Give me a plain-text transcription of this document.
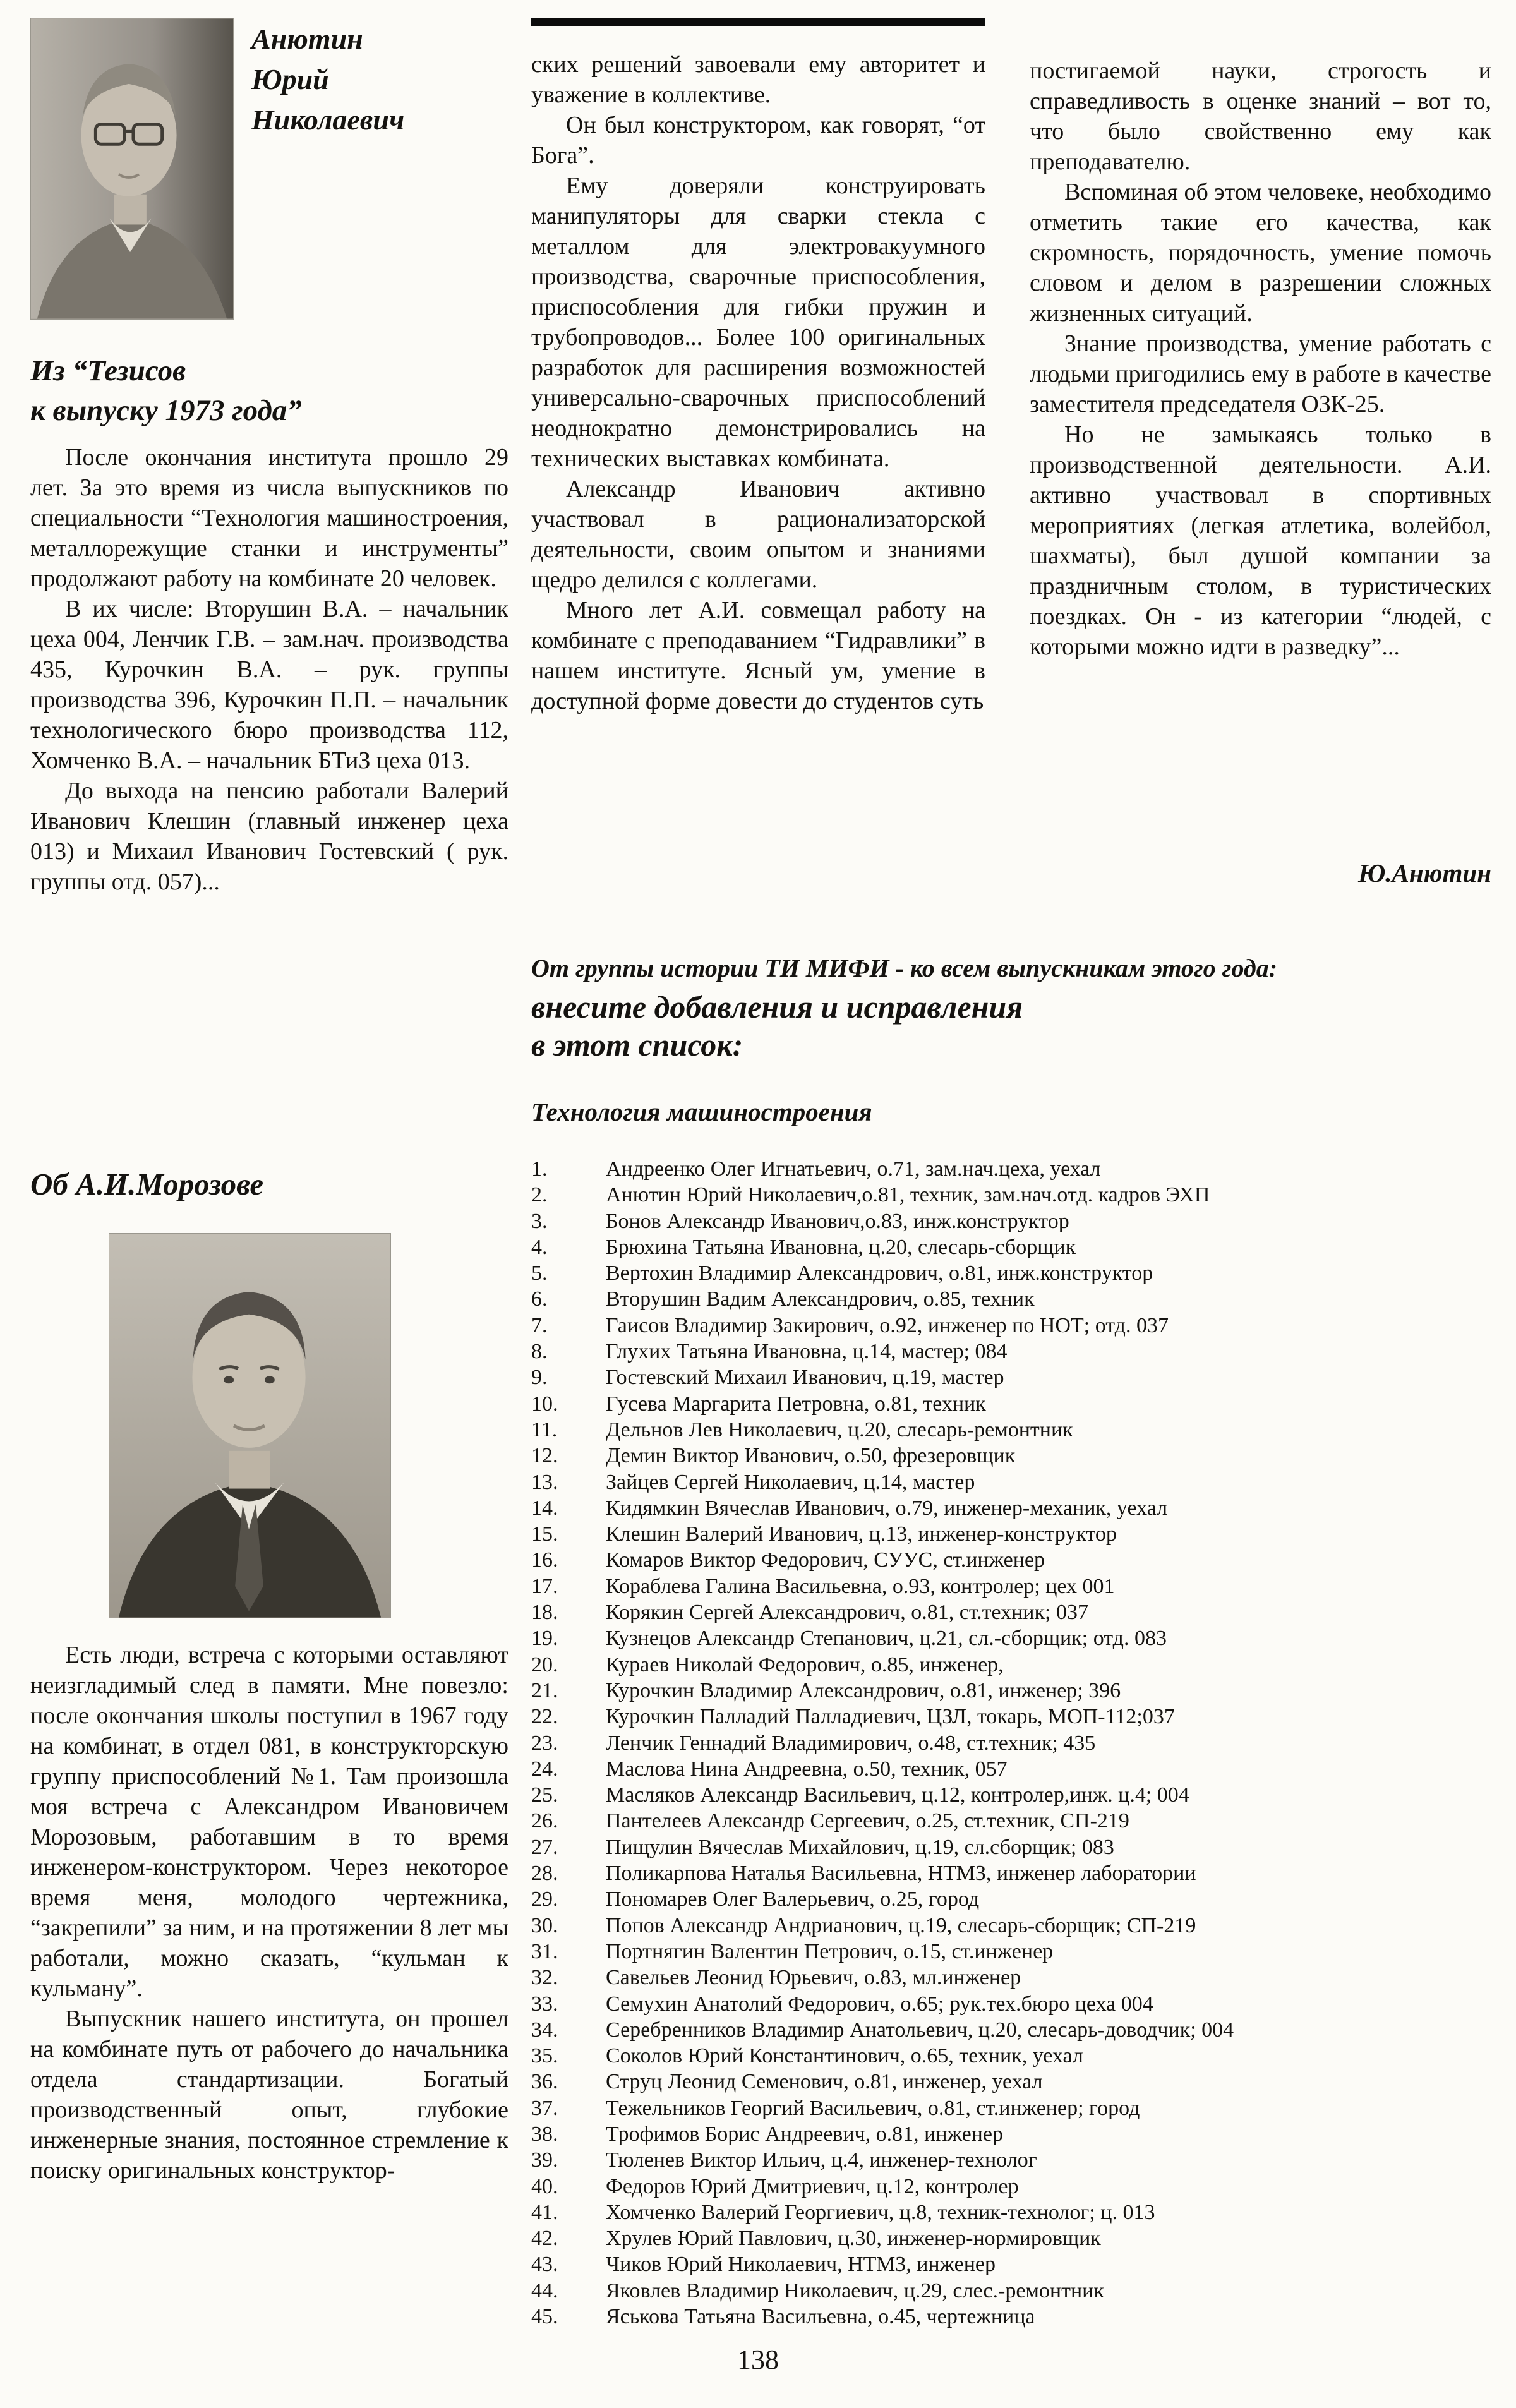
Анютин
Юрий
Николаевич
Из “Тезисов
к выпуску 1973 года”

После окончания института прошло 29 лет. За это время из числа выпускников по специальности “Технология машиностроения, металлорежущие станки и инструменты” продолжают работу на комбинате 20 человек.

В их числе: Вторушин В.А. – начальник цеха 004, Ленчик Г.В. – зам.нач. производства 435, Курочкин В.А. – рук. группы производства 396, Курочкин П.П. – начальник технологического бюро производства 112, Хомченко В.А. – начальник БТиЗ цеха 013.

До выхода на пенсию работали Валерий Иванович Клешин (главный инженер цеха 013) и Михаил Иванович Гостевский ( рук. группы отд. 057)...

Об А.И.Морозове

Есть люди, встреча с которыми оставляют неизгладимый след в памяти. Мне повезло: после окончания школы поступил в 1967 году на комбинат, в отдел 081, в конструкторскую группу приспособлений №1. Там произошла моя встреча с Александром Ивановичем Морозовым, работавшим в то время инженером-конструктором. Через некоторое время меня, молодого чертежника, “закрепили” за ним, и на протяжении 8 лет мы работали, можно сказать, “кульман к кульману”.

Выпускник нашего института, он прошел на комбинате путь от рабочего до начальника отдела стандартизации. Богатый производственный опыт, глубокие инженерные знания, постоянное стремление к поиску оригинальных конструктор-

ских решений завоевали ему авторитет и уважение в коллективе.

Он был конструктором, как говорят, “от Бога”.

Ему доверяли конструировать манипуляторы для сварки стекла с металлом для электровакуумного производства, сварочные приспособления, приспособления для гибки пружин и трубопроводов... Более 100 оригинальных разработок для расширения возможностей универсально-сварочных приспособлений неоднократно демонстрировались на технических выставках комбината.

Александр Иванович активно участвовал в рационализаторской деятельности, своим опытом и знаниями щедро делился с коллегами.

Много лет А.И. совмещал работу на комбинате с преподаванием “Гидравлики” в нашем институте. Ясный ум, умение в доступной форме довести до студентов суть

постигаемой науки, строгость и справедливость в оценке знаний – вот то, что было свойственно ему как преподавателю.

Вспоминая об этом человеке, необходимо отметить такие его качества, как скромность, порядочность, умение помочь словом и делом в разрешении сложных жизненных ситуаций.

Знание производства, умение работать с людьми пригодились ему в работе в качестве заместителя председателя ОЗК-25.

Но не замыкаясь только в производственной деятельности. А.И. активно участвовал в спортивных мероприятиях (легкая атлетика, волейбол, шахматы), был душой компании за праздничным столом, в туристических поездках. Он - из категории “людей, с которыми можно идти в разведку”...

Ю.Анютин
От группы истории ТИ МИФИ - ко всем выпускникам этого года:
внесите добавления и исправления
в этот список:
Технология машиностроения
1.	Андреенко Олег Игнатьевич, о.71, зам.нач.цеха, уехал
2.	Анютин Юрий Николаевич,о.81, техник, зам.нач.отд. кадров ЭХП
3.	Бонов Александр Иванович,о.83, инж.конструктор
4.	Брюхина Татьяна Ивановна, ц.20, слесарь-сборщик
5.	Вертохин Владимир Александрович, о.81, инж.конструктор
6.	Вторушин Вадим Александрович, о.85, техник
7.	Гаисов Владимир Закирович, о.92, инженер по НОТ; отд. 037
8.	Глухих Татьяна Ивановна, ц.14, мастер; 084
9.	Гостевский Михаил Иванович, ц.19, мастер
10.	Гусева Маргарита Петровна, о.81, техник
11.	Дельнов Лев Николаевич, ц.20, слесарь-ремонтник
12.	Демин Виктор Иванович, о.50, фрезеровщик
13.	Зайцев Сергей Николаевич, ц.14, мастер
14.	Кидямкин Вячеслав Иванович, о.79, инженер-механик, уехал
15.	Клешин Валерий Иванович, ц.13, инженер-конструктор
16.	Комаров Виктор Федорович, СУУС, ст.инженер
17.	Кораблева Галина Васильевна, о.93, контролер; цех 001
18.	Корякин Сергей Александрович, о.81, ст.техник; 037
19.	Кузнецов Александр Степанович, ц.21, сл.-сборщик; отд. 083
20.	Кураев Николай Федорович, о.85, инженер,
21.	Курочкин Владимир Александрович, о.81, инженер; 396
22.	Курочкин Палладий Палладиевич, ЦЗЛ, токарь, МОП-112;037
23.	Ленчик Геннадий Владимирович, о.48, ст.техник; 435
24.	Маслова Нина Андреевна, о.50, техник, 057
25.	Масляков Александр Васильевич, ц.12, контролер,инж. ц.4; 004
26.	Пантелеев Александр Сергеевич, о.25, ст.техник, СП-219
27.	Пищулин Вячеслав Михайлович, ц.19, сл.сборщик; 083
28.	Поликарпова Наталья Васильевна, НТМЗ, инженер лаборатории
29.	Пономарев Олег Валерьевич, о.25, город
30.	Попов Александр Андрианович, ц.19, слесарь-сборщик; СП-219
31.	Портнягин Валентин Петрович, о.15, ст.инженер
32.	Савельев Леонид Юрьевич, о.83, мл.инженер
33.	Семухин Анатолий Федорович, о.65; рук.тех.бюро цеха 004
34.	Серебренников Владимир Анатольевич, ц.20, слесарь-доводчик; 004
35.	Соколов Юрий Константинович, о.65, техник, уехал
36.	Струц Леонид Семенович, о.81, инженер, уехал
37.	Тежельников Георгий Васильевич, о.81, ст.инженер; город
38.	Трофимов Борис Андреевич, о.81, инженер
39.	Тюленев Виктор Ильич, ц.4, инженер-технолог
40.	Федоров Юрий Дмитриевич, ц.12, контролер
41.	Хомченко Валерий Георгиевич, ц.8, техник-технолог; ц. 013
42.	Хрулев Юрий Павлович, ц.30, инженер-нормировщик
43.	Чиков Юрий Николаевич, НТМЗ, инженер
44.	Яковлев Владимир Николаевич, ц.29, слес.-ремонтник
45.	Яськова Татьяна Васильевна, о.45, чертежница
138
